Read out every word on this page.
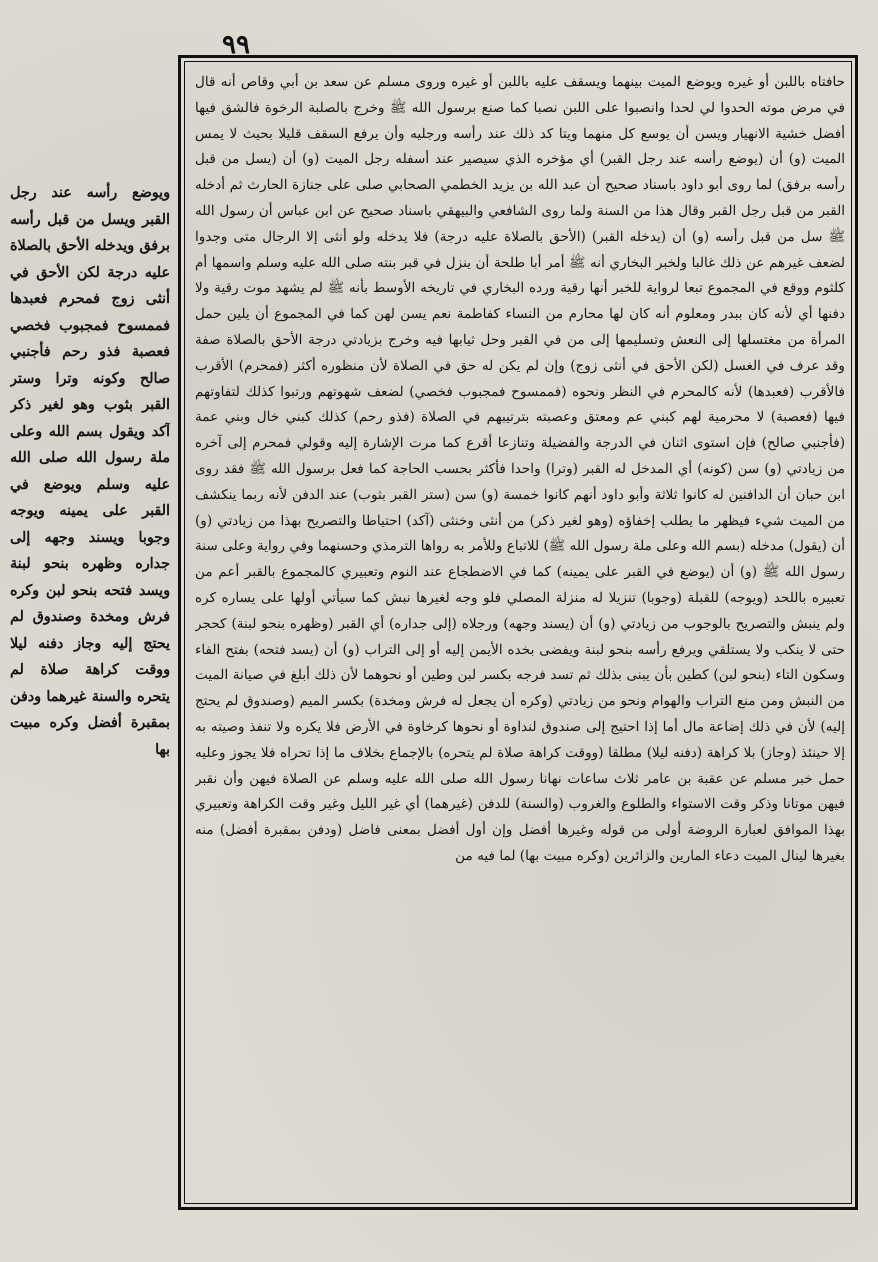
٩٩

حافتاه باللبن أو غيره ويوضع الميت بينهما ويسقف عليه باللبن أو غيره وروى مسلم عن سعد بن أبي وقاص أنه قال في مرض موته الحدوا لي لحدا وانصبوا على اللبن نصبا كما صنع برسول الله ﷺ وخرج بالصلبة الرخوة فالشق فيها أفضل خشية الانهيار ويسن أن يوسع كل منهما ويتا كد ذلك عند رأسه ورجليه وأن يرفع السقف قليلا بحيث لا يمس الميت (و) أن (يوضع رأسه عند رجل القبر) أي مؤخره الذي سيصير عند أسفله رجل الميت (و) أن (يسل من قبل رأسه برفق) لما روى أبو داود باسناد صحيح أن عبد الله بن يزيد الخطمي الصحابي صلى على جنازة الحارث ثم أدخله القبر من قبل رجل القبر وقال هذا من السنة ولما روى الشافعي والبيهقي باسناد صحيح عن ابن عباس أن رسول الله ﷺ سل من قبل رأسه (و) أن (يدخله القبر) (الأحق بالصلاة عليه درجة) فلا يدخله ولو أنثى إلا الرجال متى وجدوا لضعف غيرهم عن ذلك غالبا ولخبر البخاري أنه ﷺ أمر أبا طلحة أن ينزل في قبر بنته صلى الله عليه وسلم واسمها أم كلثوم ووقع في المجموع تبعا لرواية للخبر أنها رقية ورده البخاري في تاريخه الأوسط بأنه ﷺ لم يشهد موت رقية ولا دفنها أي لأنه كان ببدر ومعلوم أنه كان لها محارم من النساء كفاطمة نعم يسن لهن كما في المجموع أن يلين حمل المرأة من مغتسلها إلى النعش وتسليمها إلى من في القبر وحل ثيابها فيه وخرج بزيادتي درجة الأحق بالصلاة صفة وقد عرف في الغسل (لكن الأحق في أنثى زوج) وإن لم يكن له حق في الصلاة لأن منظوره أكثر (فمحرم) الأقرب فالأقرب (فعبدها) لأنه كالمحرم في النظر ونحوه (فممسوح فمجبوب فخصي) لضعف شهوتهم ورتبوا كذلك لتفاوتهم فيها (فعصبة) لا محرمية لهم كبني عم ومعتق وعصبته بترتيبهم في الصلاة (فذو رحم) كذلك كبني خال وبني عمة (فأجنبي صالح) فإن استوى اثنان في الدرجة والفضيلة وتنازعا أقرع كما مرت الإشارة إليه وقولي فمحرم إلى آخره من زيادتي (و) سن (كونه) أي المدخل له القبر (وترا) واحدا فأكثر بحسب الحاجة كما فعل برسول الله ﷺ فقد روى ابن حبان أن الدافنين له كانوا ثلاثة وأبو داود أنهم كانوا خمسة (و) سن (ستر القبر بثوب) عند الدفن لأنه ربما ينكشف من الميت شيء فيظهر ما يطلب إخفاؤه (وهو لغير ذكر) من أنثى وخنثى (آكد) احتياطا والتصريح بهذا من زيادتي (و) أن (يقول) مدخله (بسم الله وعلى ملة رسول الله ﷺ) للاتباع وللأمر به رواها الترمذي وحسنهما وفي رواية وعلى سنة رسول الله ﷺ (و) أن (يوضع في القبر على يمينه) كما في الاضطجاع عند النوم وتعبيري كالمجموع بالقبر أعم من تعبيره باللحد (ويوجه) للقبلة (وجوبا) تنزيلا له منزلة المصلي فلو وجه لغيرها نبش كما سيأتي أولها على يساره كره ولم ينبش والتصريح بالوجوب من زيادتي (و) أن (يسند وجهه) ورجلاه (إلى جداره) أي القبر (وظهره بنحو لبنة) كحجر حتى لا ينكب ولا يستلقي ويرفع رأسه بنحو لبنة ويفضى بخده الأيمن إليه أو إلى التراب (و) أن (يسد فتحه) بفتح الفاء وسكون التاء (بنحو لبن) كطين بأن يبنى بذلك ثم تسد فرجه بكسر لبن وطين أو نحوهما لأن ذلك أبلغ في صيانة الميت من النبش ومن منع التراب والهوام ونحو من زيادتي (وكره أن يجعل له فرش ومخدة) بكسر الميم (وصندوق لم يحتج إليه) لأن في ذلك إضاعة مال أما إذا احتيج إلى صندوق لنداوة أو نحوها كرخاوة في الأرض فلا يكره ولا تنفذ وصيته به إلا حينئذ (وجاز) بلا كراهة (دفنه ليلا) مطلقا (ووقت كراهة صلاة لم يتحره) بالإجماع بخلاف ما إذا تحراه فلا يجوز وعليه حمل خبر مسلم عن عقبة بن عامر ثلاث ساعات نهانا رسول الله صلى الله عليه وسلم عن الصلاة فيهن وأن نقبر فيهن موتانا وذكر وقت الاستواء والطلوع والغروب (والسنة) للدفن (غيرهما) أي غير الليل وغير وقت الكراهة وتعبيري بهذا الموافق لعبارة الروضة أولى من قوله وغيرها أفضل وإن أول أفضل بمعنى فاضل (ودفن بمقبرة أفضل) منه بغيرها لينال الميت دعاء المارين والزائرين (وكره مبيت بها) لما فيه من

ويوضع رأسه عند رجل القبر ويسل من قبل رأسه برفق ويدخله الأحق بالصلاة عليه درجة لكن الأحق في أنثى زوج فمحرم فعبدها فممسوح فمجبوب فخصي فعصبة فذو رحم فأجنبي صالح وكونه وترا وستر القبر بثوب وهو لغير ذكر آكد ويقول بسم الله وعلى ملة رسول الله صلى الله عليه وسلم ويوضع في القبر على يمينه ويوجه وجوبا ويسند وجهه إلى جداره وظهره بنحو لبنة ويسد فتحه بنحو لبن وكره فرش ومخدة وصندوق لم يحتج إليه وجاز دفنه ليلا ووقت كراهة صلاة لم يتحره والسنة غيرهما ودفن بمقبرة أفضل وكره مبيت بها
